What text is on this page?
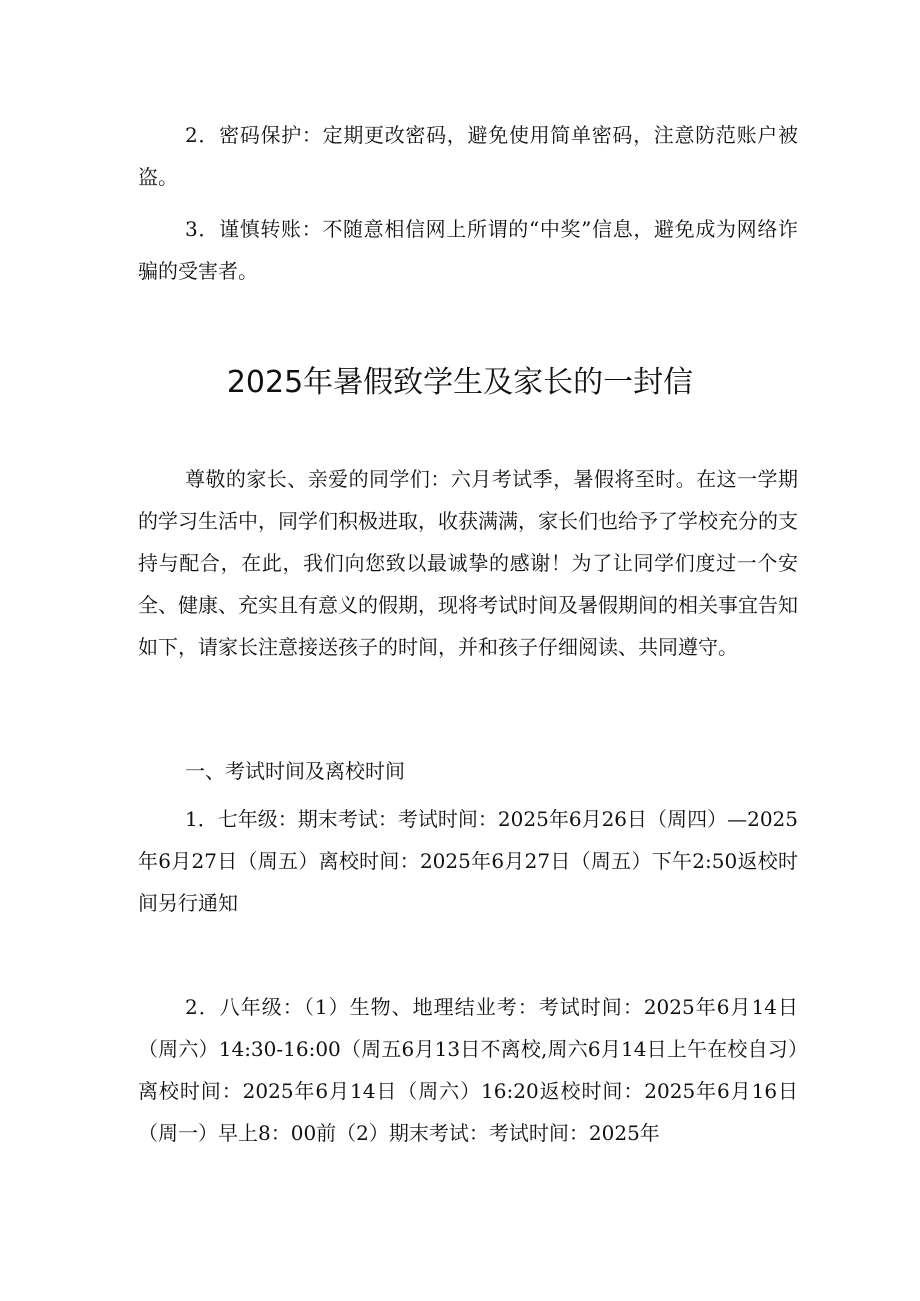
2．密码保护：定期更改密码，避免使用简单密码，注意防范账户被盗。

3．谨慎转账：不随意相信网上所谓的“中奖”信息，避免成为网络诈骗的受害者。

2025年暑假致学生及家长的一封信

尊敬的家长、亲爱的同学们：六月考试季，暑假将至时。在这一学期的学习生活中，同学们积极进取，收获满满，家长们也给予了学校充分的支持与配合，在此，我们向您致以最诚挚的感谢！为了让同学们度过一个安全、健康、充实且有意义的假期，现将考试时间及暑假期间的相关事宜告知如下，请家长注意接送孩子的时间，并和孩子仔细阅读、共同遵守。

一、考试时间及离校时间

1．七年级：期末考试：考试时间：2025年6月26日（周四）—2025年6月27日（周五）离校时间：2025年6月27日（周五）下午2:50返校时间另行通知

2．八年级：（1）生物、地理结业考：考试时间：2025年6月14日（周六）14:30-16:00（周五6月13日不离校,周六6月14日上午在校自习）离校时间：2025年6月14日（周六）16:20返校时间：2025年6月16日（周一）早上8：00前（2）期末考试：考试时间：2025年
